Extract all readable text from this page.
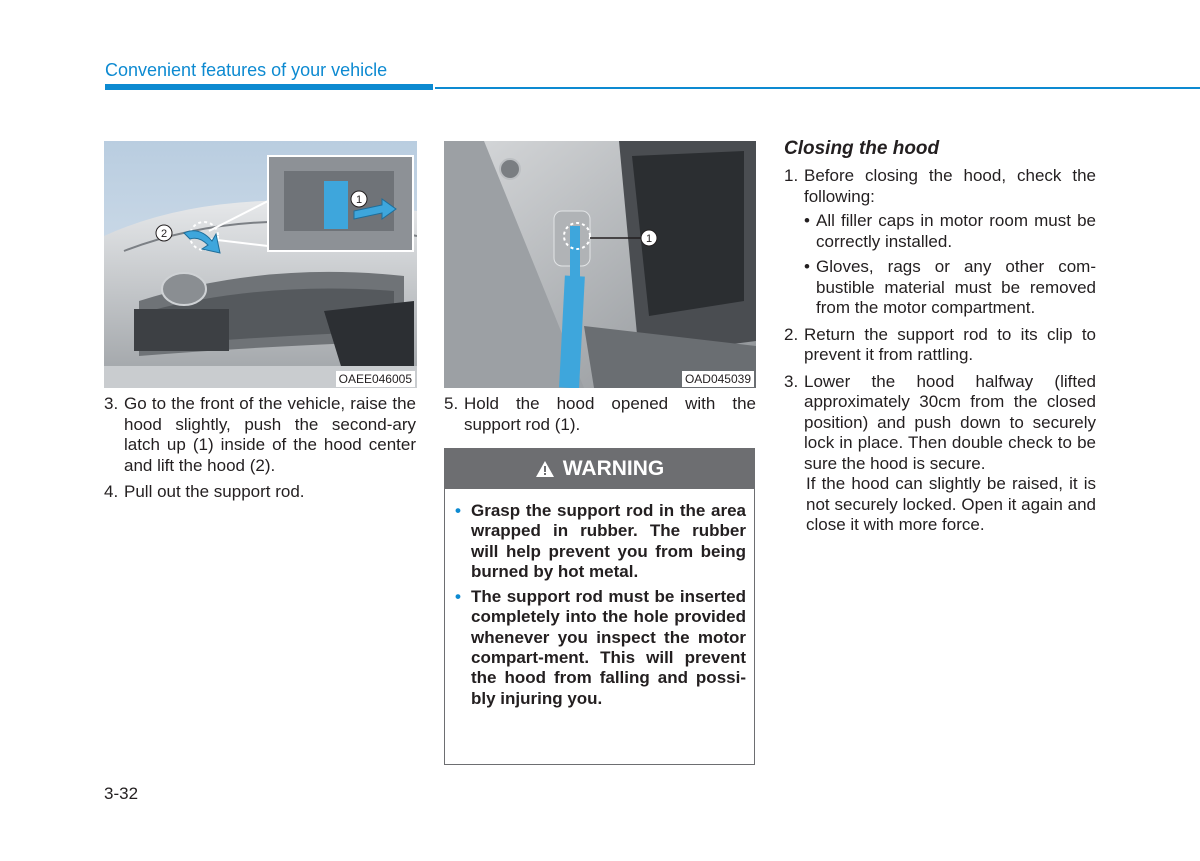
Convenient features of your vehicle
2
1
OAEE046005
1
OAD045039
3. Go to the front of the vehicle, raise the hood slightly, push the second-ary latch up (1) inside of the hood center and lift the hood (2).
4. Pull out the support rod.
5. Hold the hood opened with the support rod (1).
WARNING
• Grasp the support rod in the area wrapped in rubber. The rubber will help prevent you from being burned by hot metal.
• The support rod must be inserted completely into the hole provided whenever you inspect the motor compart-ment. This will prevent the hood from falling and possi-bly injuring you.
Closing the hood
1. Before closing the hood, check the following:
• All filler caps in motor room must be correctly installed.
• Gloves, rags or any other com-bustible material must be removed from the motor compartment.
2. Return the support rod to its clip to prevent it from rattling.
3. Lower the hood halfway (lifted approximately 30cm from the closed position) and push down to securely lock in place. Then double check to be sure the hood is secure.
If the hood can slightly be raised, it is not securely locked. Open it again and close it with more force.
3-32
